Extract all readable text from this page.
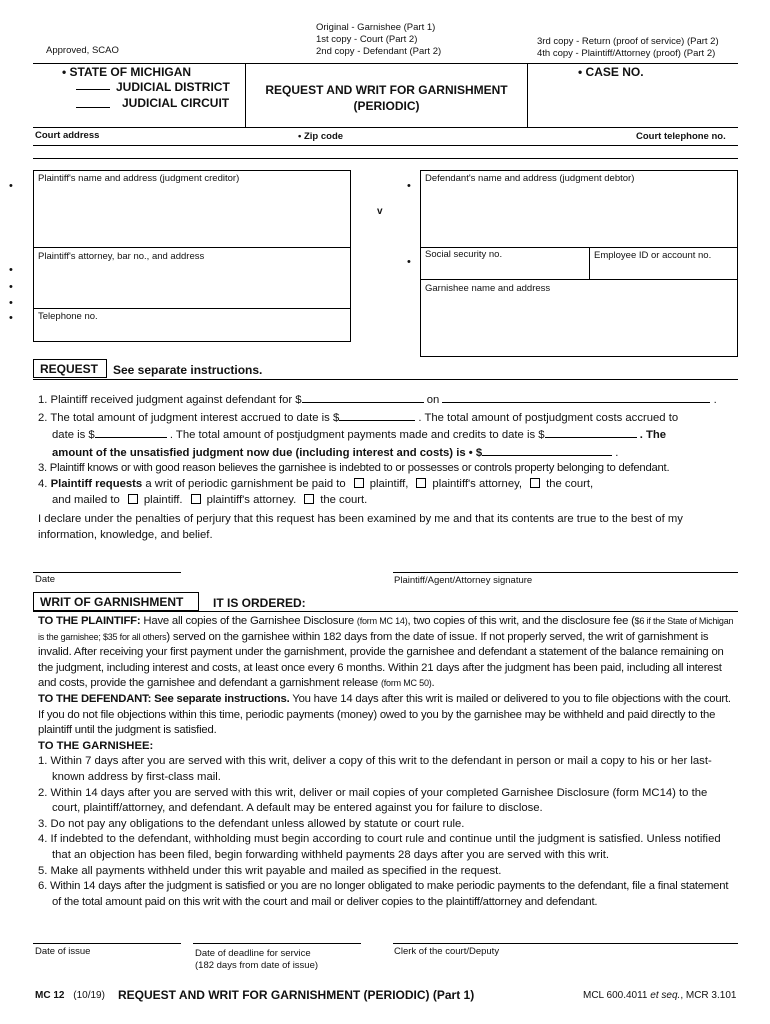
Approved, SCAO
Original - Garnishee (Part 1)
1st copy - Court (Part 2)
2nd copy - Defendant (Part 2)
3rd copy - Return (proof of service) (Part 2)
4th copy - Plaintiff/Attorney (proof) (Part 2)
• STATE OF MICHIGAN
JUDICIAL DISTRICT
JUDICIAL CIRCUIT
REQUEST AND WRIT FOR GARNISHMENT
(PERIODIC)
• CASE NO.
Court address	• Zip code	Court telephone no.
•
Plaintiff's name and address (judgment creditor)
Plaintiff's attorney, bar no., and address
Telephone no.
•
•
•
•
v
•
•
Defendant's name and address (judgment debtor)
Social security no.	Employee ID or account no.
Garnishee name and address
REQUEST	See separate instructions.
1. Plaintiff received judgment against defendant for $	on	.
2. The total amount of judgment interest accrued to date is $	. The total amount of postjudgment costs accrued to
date is $	. The total amount of postjudgment payments made and credits to date is $	. The
amount of the unsatisfied judgment now due (including interest and costs) is • $	.
3. Plaintiff knows or with good reason believes the garnishee is indebted to or possesses or controls property belonging to defendant.
4. Plaintiff requests a writ of periodic garnishment be paid to plaintiff, plaintiff's attorney, the court,
and mailed to plaintiff. plaintiff's attorney. the court.
I declare under the penalties of perjury that this request has been examined by me and that its contents are true to the best of my information, knowledge, and belief.
Date	Plaintiff/Agent/Attorney signature
WRIT OF GARNISHMENT	IT IS ORDERED:
TO THE PLAINTIFF: Have all copies of the Garnishee Disclosure (form MC 14), two copies of this writ, and the disclosure fee ($6 if the State of Michigan is the garnishee; $35 for all others) served on the garnishee within 182 days from the date of issue. If not properly served, the writ of garnishment is invalid. After receiving your first payment under the garnishment, provide the garnishee and defendant a statement of the balance remaining on the judgment, including interest and costs, at least once every 6 months. Within 21 days after the judgment has been paid, including all interest and costs, provide the garnishee and defendant a garnishment release (form MC 50).
TO THE DEFENDANT: See separate instructions. You have 14 days after this writ is mailed or delivered to you to file objections with the court. If you do not file objections within this time, periodic payments (money) owed to you by the garnishee may be withheld and paid directly to the plaintiff until the judgment is satisfied.
TO THE GARNISHEE:
1. Within 7 days after you are served with this writ, deliver a copy of this writ to the defendant in person or mail a copy to his or her last-known address by first-class mail.
2. Within 14 days after you are served with this writ, deliver or mail copies of your completed Garnishee Disclosure (form MC14) to the court, plaintiff/attorney, and defendant. A default may be entered against you for failure to disclose.
3. Do not pay any obligations to the defendant unless allowed by statute or court rule.
4. If indebted to the defendant, withholding must begin according to court rule and continue until the judgment is satisfied. Unless notified that an objection has been filed, begin forwarding withheld payments 28 days after you are served with this writ.
5. Make all payments withheld under this writ payable and mailed as specified in the request.
6. Within 14 days after the judgment is satisfied or you are no longer obligated to make periodic payments to the defendant, file a final statement of the total amount paid on this writ with the court and mail or deliver copies to the plaintiff/attorney and defendant.
Date of issue	Date of deadline for service
(182 days from date of issue)
Clerk of the court/Deputy
MC 12 (10/19) REQUEST AND WRIT FOR GARNISHMENT (PERIODIC) (Part 1)	MCL 600.4011 et seq., MCR 3.101
